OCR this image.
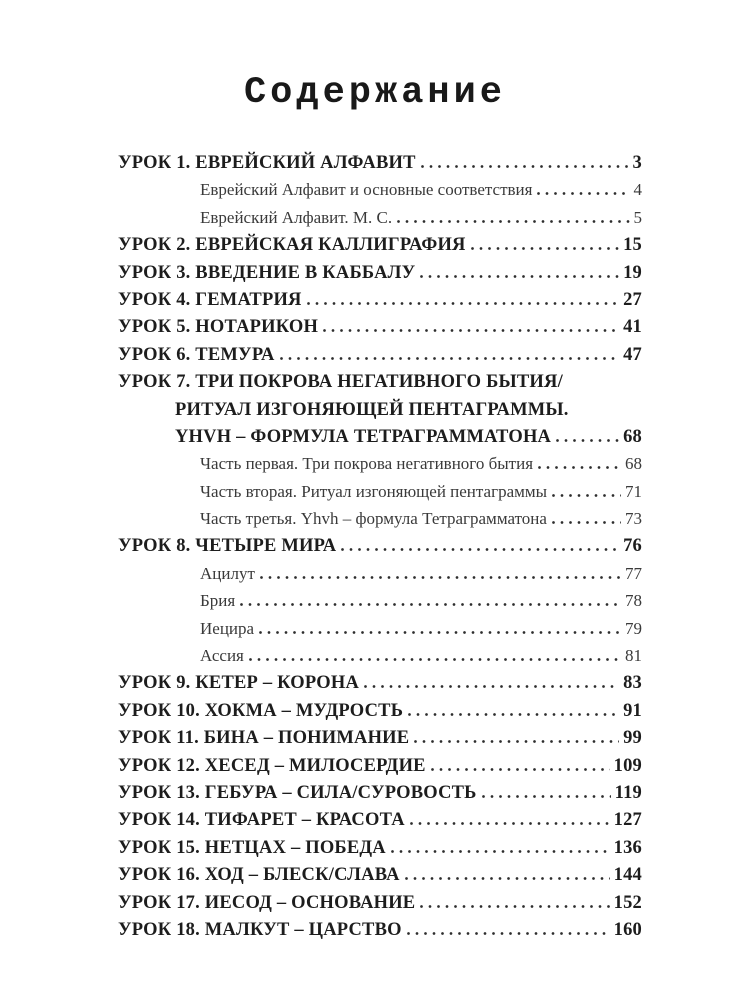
Содержание
УРОК 1. ЕВРЕЙСКИЙ АЛФАВИТ	3
Еврейский Алфавит и основные соответствия	4
Еврейский Алфавит. М. С.	5
УРОК 2. ЕВРЕЙСКАЯ КАЛЛИГРАФИЯ	15
УРОК 3. ВВЕДЕНИЕ В КАББАЛУ	19
УРОК 4. ГЕМАТРИЯ	27
УРОК 5. НОТАРИКОН	41
УРОК 6. ТЕМУРА	47
УРОК 7. ТРИ ПОКРОВА НЕГАТИВНОГО БЫТИЯ/
РИТУАЛ ИЗГОНЯЮЩЕЙ ПЕНТАГРАММЫ.
YHVH – ФОРМУЛА ТЕТРАГРАММАТОНА	68
Часть первая. Три покрова негативного бытия	68
Часть вторая. Ритуал изгоняющей пентаграммы	71
Часть третья. Yhvh – формула Тетраграмматона	73
УРОК 8. ЧЕТЫРЕ МИРА	76
Ацилут	77
Брия	78
Иецира	79
Ассия	81
УРОК 9. КЕТЕР – КОРОНА	83
УРОК 10. ХОКМА – МУДРОСТЬ	91
УРОК 11. БИНА – ПОНИМАНИЕ	99
УРОК 12. ХЕСЕД – МИЛОСЕРДИЕ	109
УРОК 13. ГЕБУРА – СИЛА/СУРОВОСТЬ	119
УРОК 14. ТИФАРЕТ – КРАСОТА	127
УРОК 15. НЕТЦАХ – ПОБЕДА	136
УРОК 16. ХОД – БЛЕСК/СЛАВА	144
УРОК 17. ИЕСОД – ОСНОВАНИЕ	152
УРОК 18. МАЛКУТ – ЦАРСТВО	160
